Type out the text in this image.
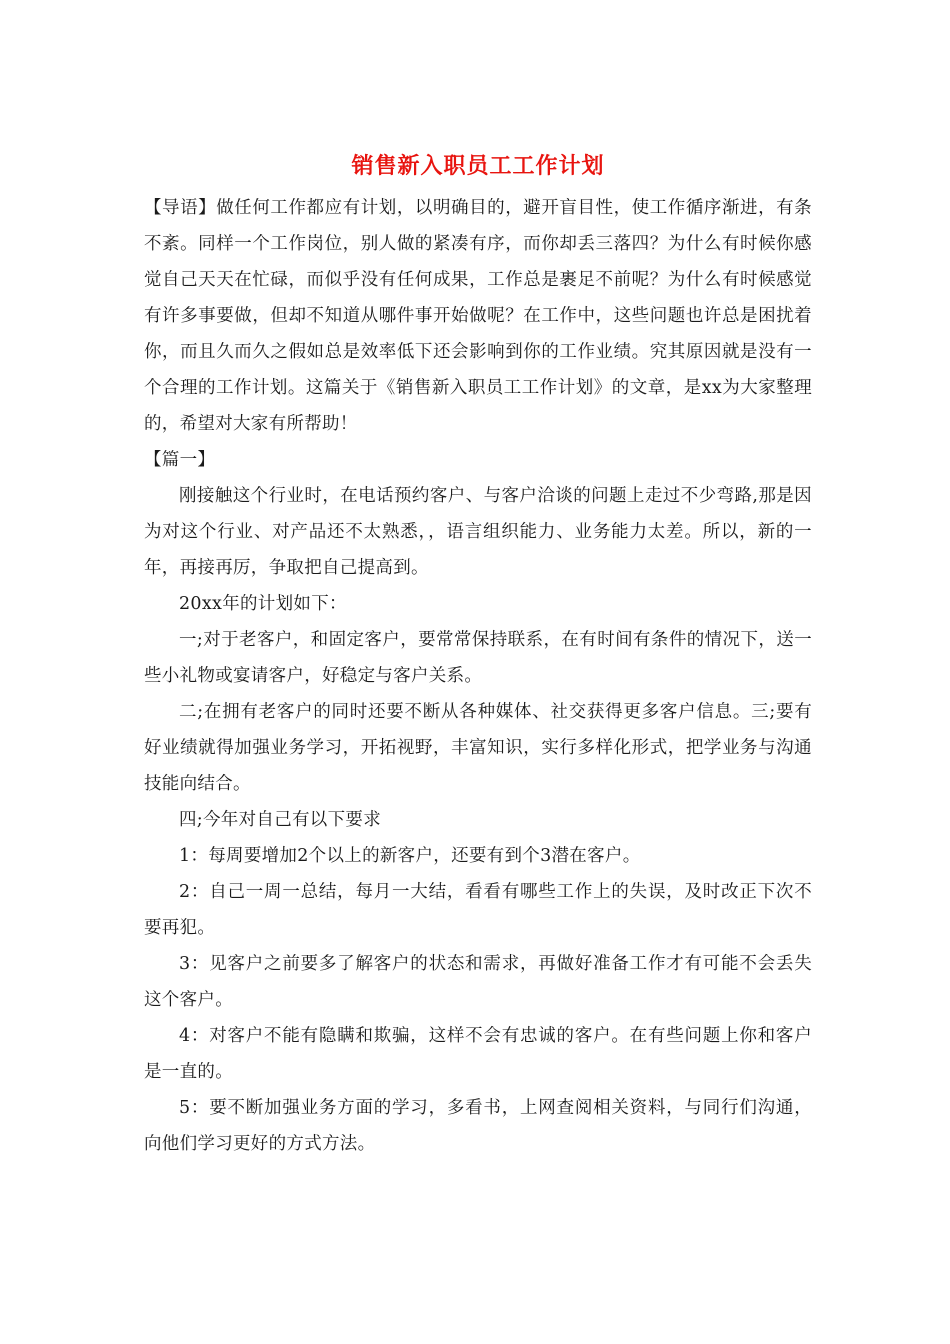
销售新入职员工工作计划

【导语】做任何工作都应有计划，以明确目的，避开盲目性，使工作循序渐进，有条不紊。同样一个工作岗位，别人做的紧凑有序，而你却丢三落四？为什么有时候你感觉自己天天在忙碌，而似乎没有任何成果，工作总是裹足不前呢？为什么有时候感觉有许多事要做，但却不知道从哪件事开始做呢？在工作中，这些问题也许总是困扰着你，而且久而久之假如总是效率低下还会影响到你的工作业绩。究其原因就是没有一个合理的工作计划。这篇关于《销售新入职员工工作计划》的文章，是xx为大家整理的，希望对大家有所帮助！

【篇一】

刚接触这个行业时，在电话预约客户、与客户洽谈的问题上走过不少弯路,那是因为对这个行业、对产品还不太熟悉，，语言组织能力、业务能力太差。所以，新的一年，再接再厉，争取把自己提高到。

20xx年的计划如下：

一;对于老客户，和固定客户，要常常保持联系，在有时间有条件的情况下，送一些小礼物或宴请客户，好稳定与客户关系。

二;在拥有老客户的同时还要不断从各种媒体、社交获得更多客户信息。三;要有好业绩就得加强业务学习，开拓视野，丰富知识，实行多样化形式，把学业务与沟通技能向结合。

四;今年对自己有以下要求

1：每周要增加2个以上的新客户，还要有到个3潜在客户。

2：自己一周一总结，每月一大结，看看有哪些工作上的失误，及时改正下次不要再犯。

3：见客户之前要多了解客户的状态和需求，再做好准备工作才有可能不会丢失这个客户。

4：对客户不能有隐瞒和欺骗，这样不会有忠诚的客户。在有些问题上你和客户是一直的。

5：要不断加强业务方面的学习，多看书，上网查阅相关资料，与同行们沟通，向他们学习更好的方式方法。
